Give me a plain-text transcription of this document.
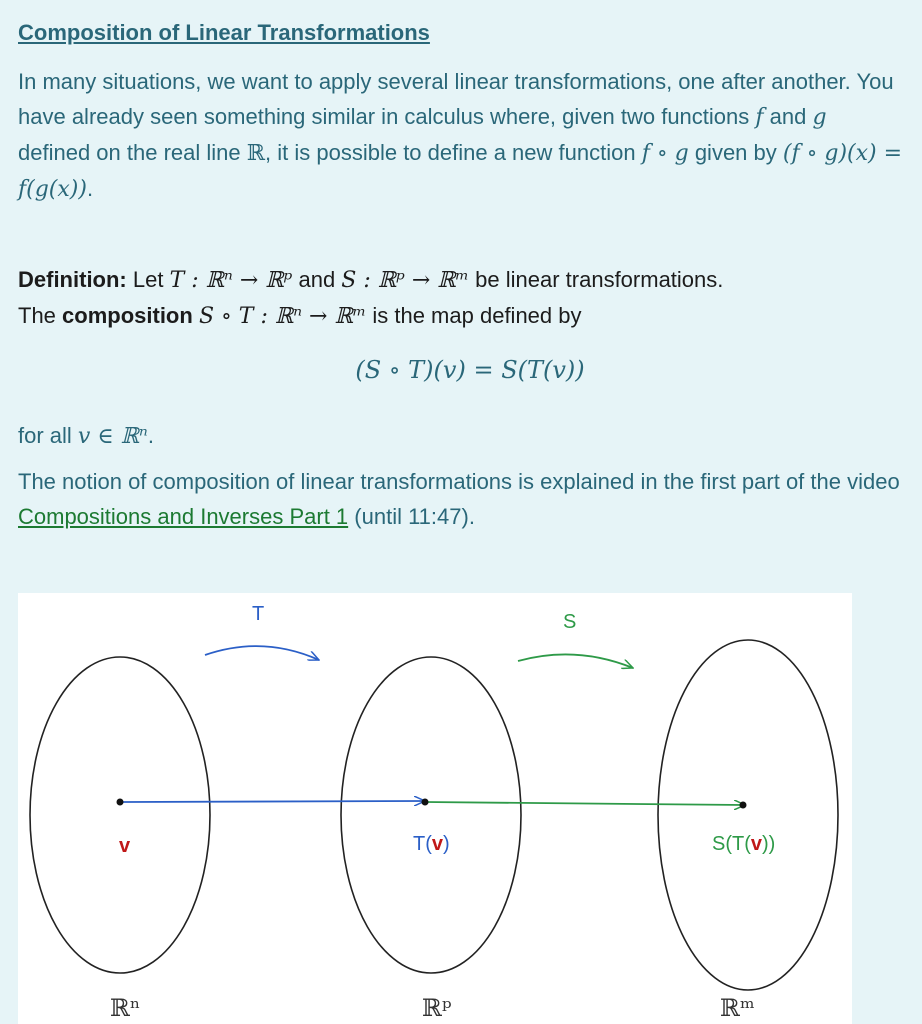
Composition of Linear Transformations

In many situations, we want to apply several linear transformations, one after another. You have already seen something similar in calculus where, given two functions f and g defined on the real line ℝ, it is possible to define a new function f ∘ g given by (f ∘ g)(x) = f(g(x)).

Definition: Let T : ℝⁿ → ℝᵖ and S : ℝᵖ → ℝᵐ be linear transformations.

The composition S ∘ T : ℝⁿ → ℝᵐ is the map defined by

(S ∘ T)(v) = S(T(v))

for all v ∈ ℝⁿ.

The notion of composition of linear transformations is explained in the first part of the video Compositions and Inverses Part 1 (until 11:47).

T	S
v	T(v)	S(T(v))
ℝⁿ	ℝᵖ	ℝᵐ
